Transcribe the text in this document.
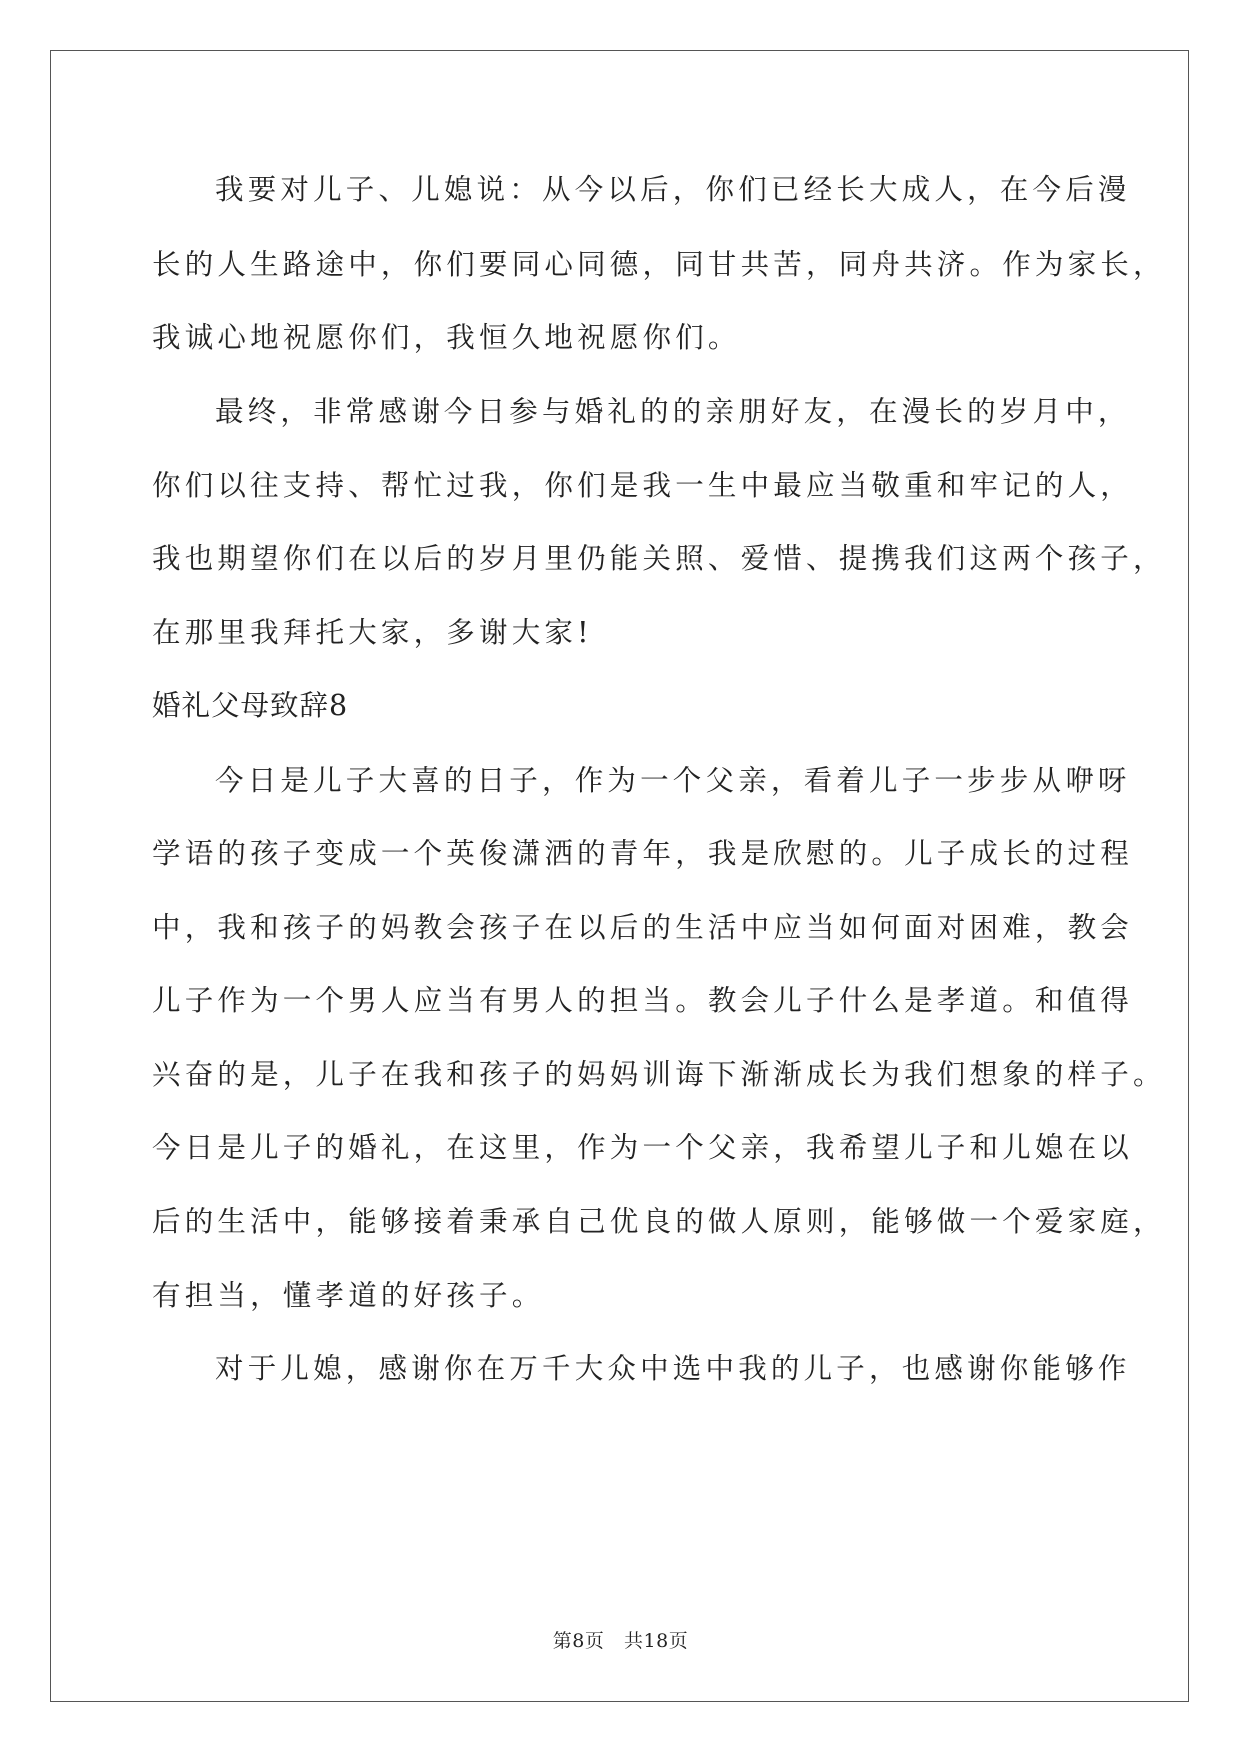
我要对儿子、儿媳说：从今以后，你们已经长大成人，在今后漫
长的人生路途中，你们要同心同德，同甘共苦，同舟共济。作为家长，
我诚心地祝愿你们，我恒久地祝愿你们。
最终，非常感谢今日参与婚礼的的亲朋好友，在漫长的岁月中，
你们以往支持、帮忙过我，你们是我一生中最应当敬重和牢记的人，
我也期望你们在以后的岁月里仍能关照、爱惜、提携我们这两个孩子，
在那里我拜托大家，多谢大家!
婚礼父母致辞8
今日是儿子大喜的日子，作为一个父亲，看着儿子一步步从咿呀
学语的孩子变成一个英俊潇洒的青年，我是欣慰的。儿子成长的过程
中，我和孩子的妈教会孩子在以后的生活中应当如何面对困难，教会
儿子作为一个男人应当有男人的担当。教会儿子什么是孝道。和值得
兴奋的是，儿子在我和孩子的妈妈训诲下渐渐成长为我们想象的样子。
今日是儿子的婚礼，在这里，作为一个父亲，我希望儿子和儿媳在以
后的生活中，能够接着秉承自己优良的做人原则，能够做一个爱家庭，
有担当，懂孝道的好孩子。
对于儿媳，感谢你在万千大众中选中我的儿子，也感谢你能够作
第8页 共18页
